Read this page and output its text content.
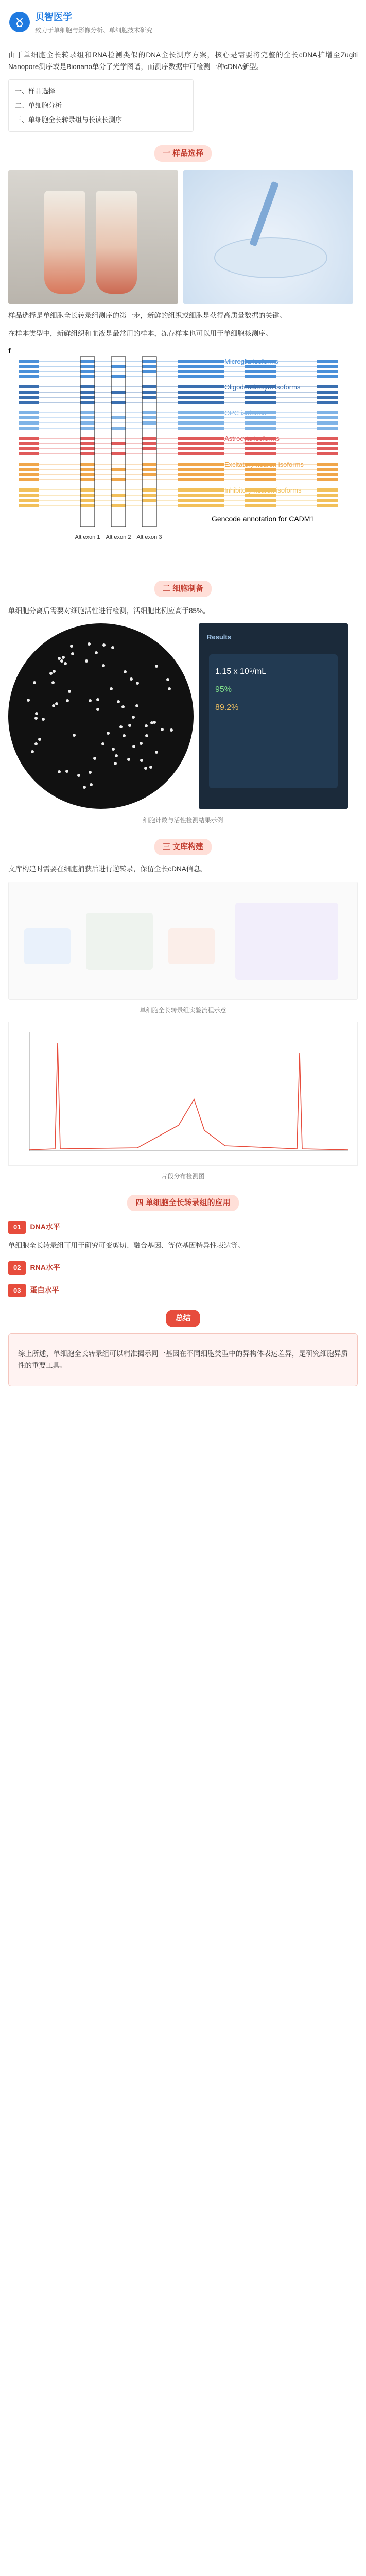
贝智医学
致力于单细胞与影像分析、单细胞技术研究

由于单细胞全长转录组和RNA检测类似的DNA全长测序方案，核心是需要将完整的全长cDNA扩增至Zugiti Nanopore测序或是Bionano单分子光学图谱，而测序数据中可检测一种cDNA新型。

一、样品选择
二、单细胞分析
三、单细胞全长转录组与长读长测序
一 样品选择

样品选择是单细胞全长转录组测序的第一步，新鲜的组织或细胞是获得高质量数据的关键。

在样本类型中，新鲜组织和血液是最常用的样本，冻存样本也可以用于单细胞核测序。

f
Microglia isoforms
Oligodendrocyte isoforms
OPC isoforms
Astrocyte isoforms
Excitatory neuron isoforms
Inhibitory neuron isoforms
Gencode annotation for CADM1
Alt exon 1 Alt exon 2 Alt exon 3
二 细胞制备

单细胞分离后需要对细胞活性进行检测，活细胞比例应高于85%。

Results
1.15 x 10⁶/mL
95%
89.2%
细胞计数与活性检测结果示例
三 文库构建

文库构建时需要在细胞捕获后进行逆转录，保留全长cDNA信息。

单细胞全长转录组实验流程示意
片段分布检测图
四 单细胞全长转录组的应用
01	DNA水平

单细胞全长转录组可用于研究可变剪切、融合基因、等位基因特异性表达等。

02	RNA水平
03	蛋白水平
总结

综上所述，单细胞全长转录组可以精准揭示同一基因在不同细胞类型中的异构体表达差异，是研究细胞异质性的重要工具。
